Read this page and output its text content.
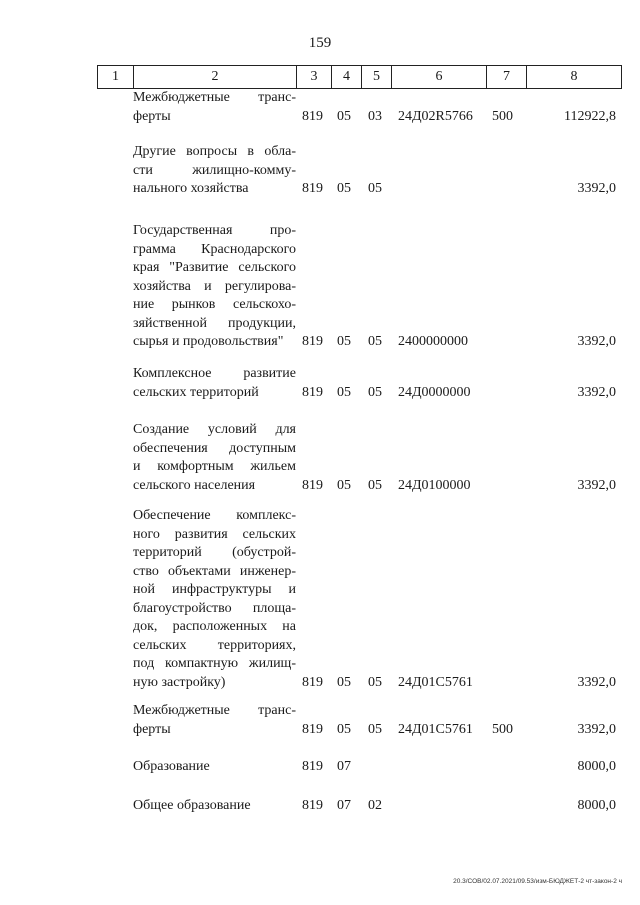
159
1	2	3	4	5	6	7	8
Межбюджетные транс-
ферты	819 05 03 24Д02R5766 500	112922,8
Другие вопросы в обла-
сти жилищно-комму-
нального хозяйства	819 05 05	3392,0
Государственная про-
грамма Краснодарского
края "Развитие сельского
хозяйства и регулирова-
ние рынков сельскохо-
зяйственной продукции,
сырья и продовольствия"	819 05 05 2400000000	3392,0
Комплексное развитие
сельских территорий	819 05 05 24Д0000000	3392,0
Создание условий для
обеспечения доступным
и комфортным жильем
сельского населения	819 05 05 24Д0100000	3392,0
Обеспечение комплекс-
ного развития сельских
территорий (обустрой-
ство объектами инженер-
ной инфраструктуры и
благоустройство площа-
док, расположенных на
сельских территориях,
под компактную жилищ-
ную застройку)	819 05 05 24Д01С5761	3392,0
Межбюджетные транс-
ферты	819 05 05 24Д01С5761 500	3392,0
Образование	819 07	8000,0
Общее образование	819 07 02	8000,0
20.3/СОВ/02.07.2021/09.53/изм-БЮДЖЕТ-2 чт-закон-2 ч
